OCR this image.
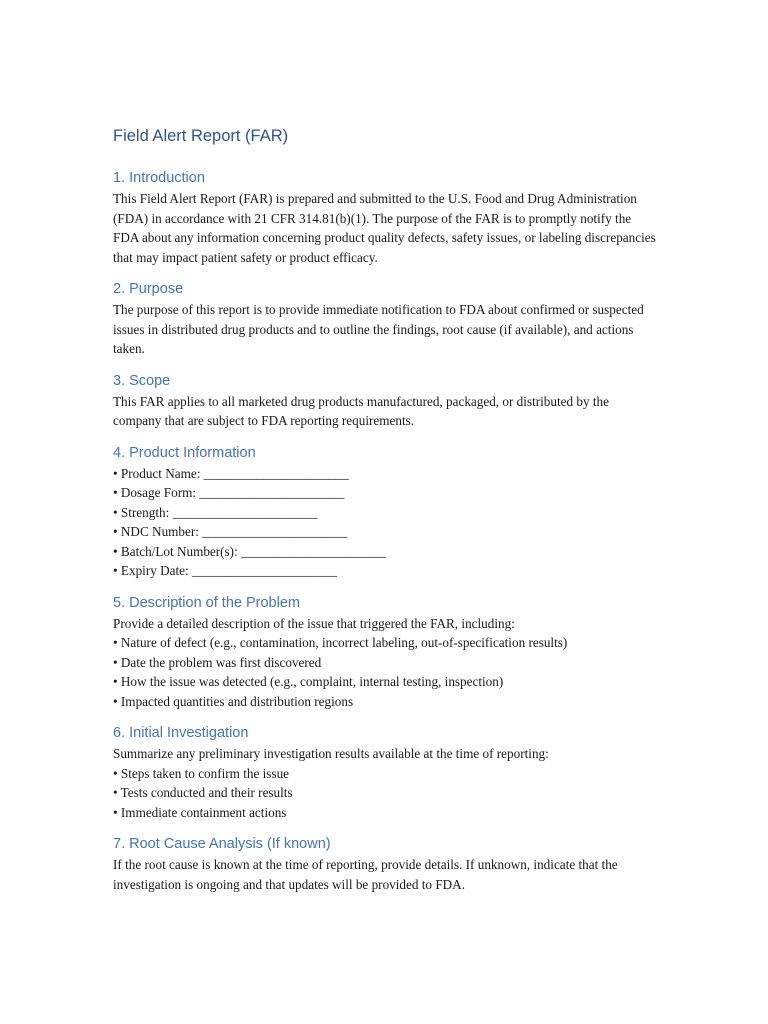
Field Alert Report (FAR)
1. Introduction

This Field Alert Report (FAR) is prepared and submitted to the U.S. Food and Drug Administration (FDA) in accordance with 21 CFR 314.81(b)(1). The purpose of the FAR is to promptly notify the FDA about any information concerning product quality defects, safety issues, or labeling discrepancies that may impact patient safety or product efficacy.

2. Purpose

The purpose of this report is to provide immediate notification to FDA about confirmed or suspected issues in distributed drug products and to outline the findings, root cause (if available), and actions taken.

3. Scope

This FAR applies to all marketed drug products manufactured, packaged, or distributed by the company that are subject to FDA reporting requirements.

4. Product Information
• Product Name: ______________________
• Dosage Form: ______________________
• Strength: ______________________
• NDC Number: ______________________
• Batch/Lot Number(s): ______________________
• Expiry Date: ______________________
5. Description of the Problem

Provide a detailed description of the issue that triggered the FAR, including:

• Nature of defect (e.g., contamination, incorrect labeling, out-of-specification results)
• Date the problem was first discovered
• How the issue was detected (e.g., complaint, internal testing, inspection)
• Impacted quantities and distribution regions
6. Initial Investigation

Summarize any preliminary investigation results available at the time of reporting:

• Steps taken to confirm the issue
• Tests conducted and their results
• Immediate containment actions
7. Root Cause Analysis (If known)

If the root cause is known at the time of reporting, provide details. If unknown, indicate that the investigation is ongoing and that updates will be provided to FDA.
